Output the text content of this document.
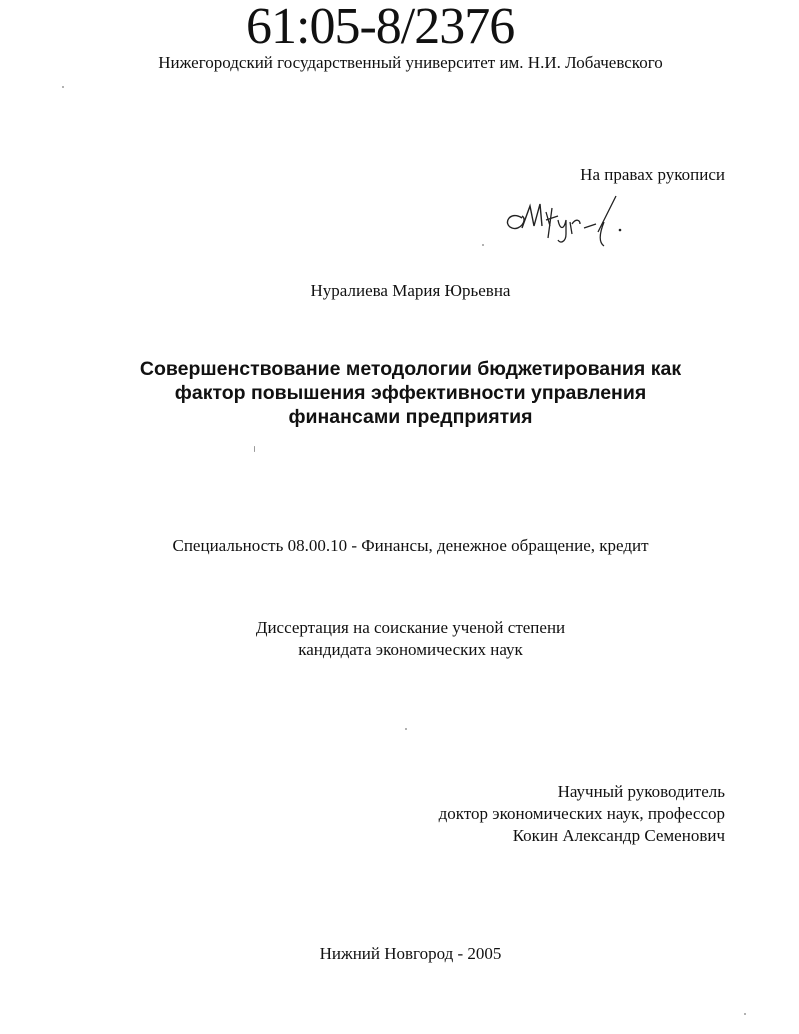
61:05-8/2376
Нижегородский государственный университет им. Н.И. Лобачевского
На правах рукописи
Нуралиева Мария Юрьевна
Совершенствование методологии бюджетирования как
фактор повышения эффективности управления
финансами предприятия
Специальность 08.00.10 - Финансы, денежное обращение, кредит
Диссертация на соискание ученой степени
кандидата экономических наук
Научный руководитель
доктор экономических наук, профессор
Кокин Александр Семенович
Нижний Новгород - 2005
